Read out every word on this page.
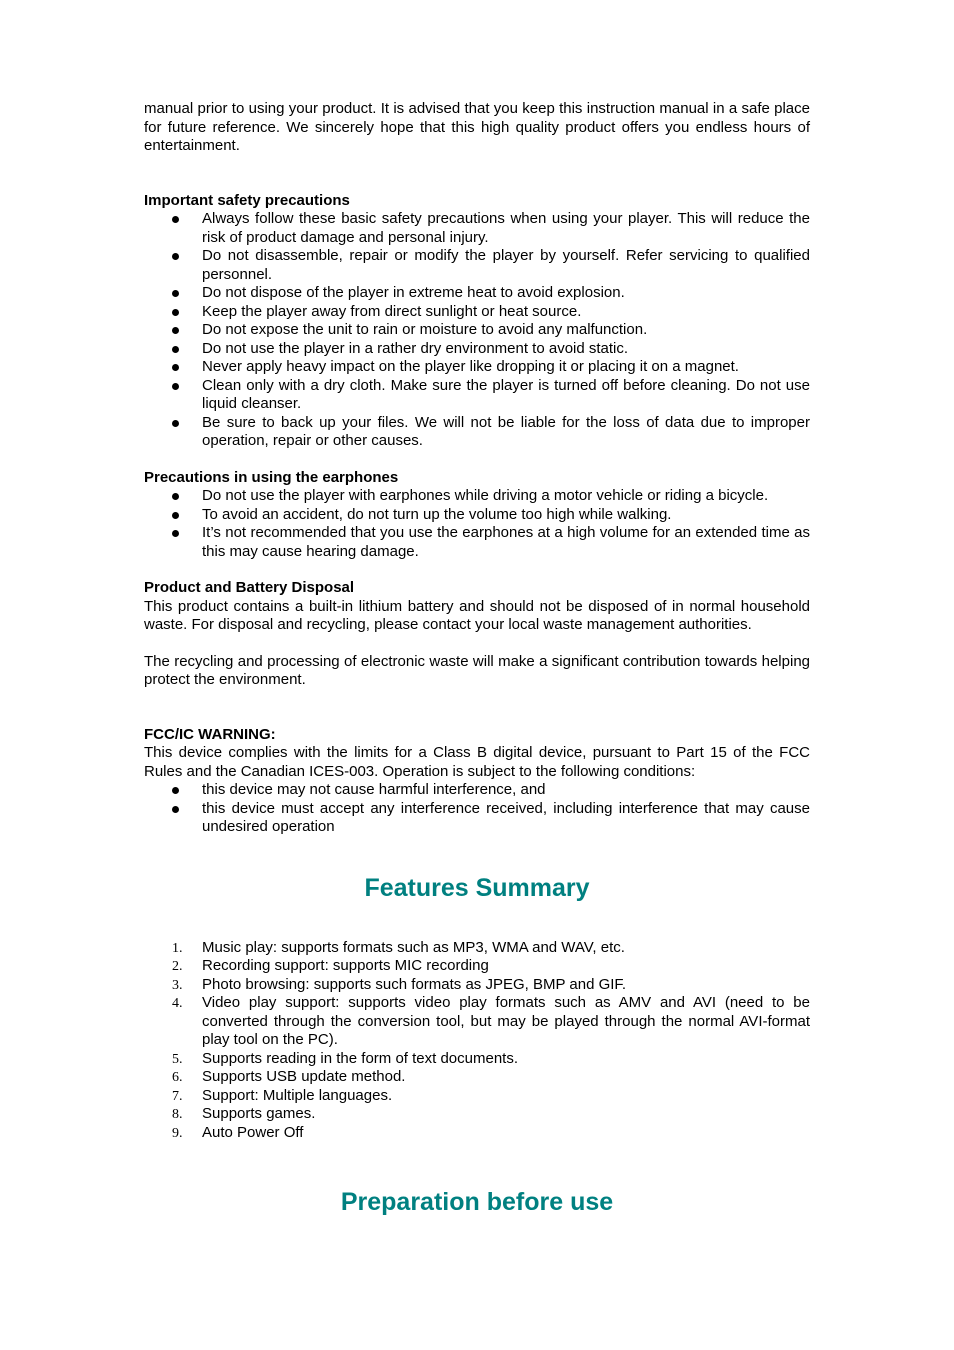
manual prior to using your product. It is advised that you keep this instruction manual in a safe place for future reference. We sincerely hope that this high quality product offers you endless hours of entertainment.

Important safety precautions
Always follow these basic safety precautions when using your player. This will reduce the risk of product damage and personal injury.
Do not disassemble, repair or modify the player by yourself. Refer servicing to qualified personnel.
Do not dispose of the player in extreme heat to avoid explosion.
Keep the player away from direct sunlight or heat source.
Do not expose the unit to rain or moisture to avoid any malfunction.
Do not use the player in a rather dry environment to avoid static.
Never apply heavy impact on the player like dropping it or placing it on a magnet.
Clean only with a dry cloth. Make sure the player is turned off before cleaning. Do not use liquid cleanser.
Be sure to back up your files. We will not be liable for the loss of data due to improper operation, repair or other causes.
Precautions in using the earphones
Do not use the player with earphones while driving a motor vehicle or riding a bicycle.
To avoid an accident, do not turn up the volume too high while walking.
It’s not recommended that you use the earphones at a high volume for an extended time as this may cause hearing damage.
Product and Battery Disposal

This product contains a built-in lithium battery and should not be disposed of in normal household waste. For disposal and recycling, please contact your local waste management authorities.

The recycling and processing of electronic waste will make a significant contribution towards helping protect the environment.

FCC/IC WARNING:

This device complies with the limits for a Class B digital device, pursuant to Part 15 of the FCC Rules and the Canadian ICES-003. Operation is subject to the following conditions:

this device may not cause harmful interference, and
this device must accept any interference received, including interference that may cause undesired operation
Features Summary
1.	Music play: supports formats such as MP3, WMA and WAV, etc.
2.	Recording support: supports MIC recording
3.	Photo browsing: supports such formats as JPEG, BMP and GIF.
4.	Video play support: supports video play formats such as AMV and AVI (need to be converted through the conversion tool, but may be played through the normal AVI-format play tool on the PC).
5.	Supports reading in the form of text documents.
6.	Supports USB update method.
7.	Support: Multiple languages.
8.	Supports games.
9.	Auto Power Off
Preparation before use
